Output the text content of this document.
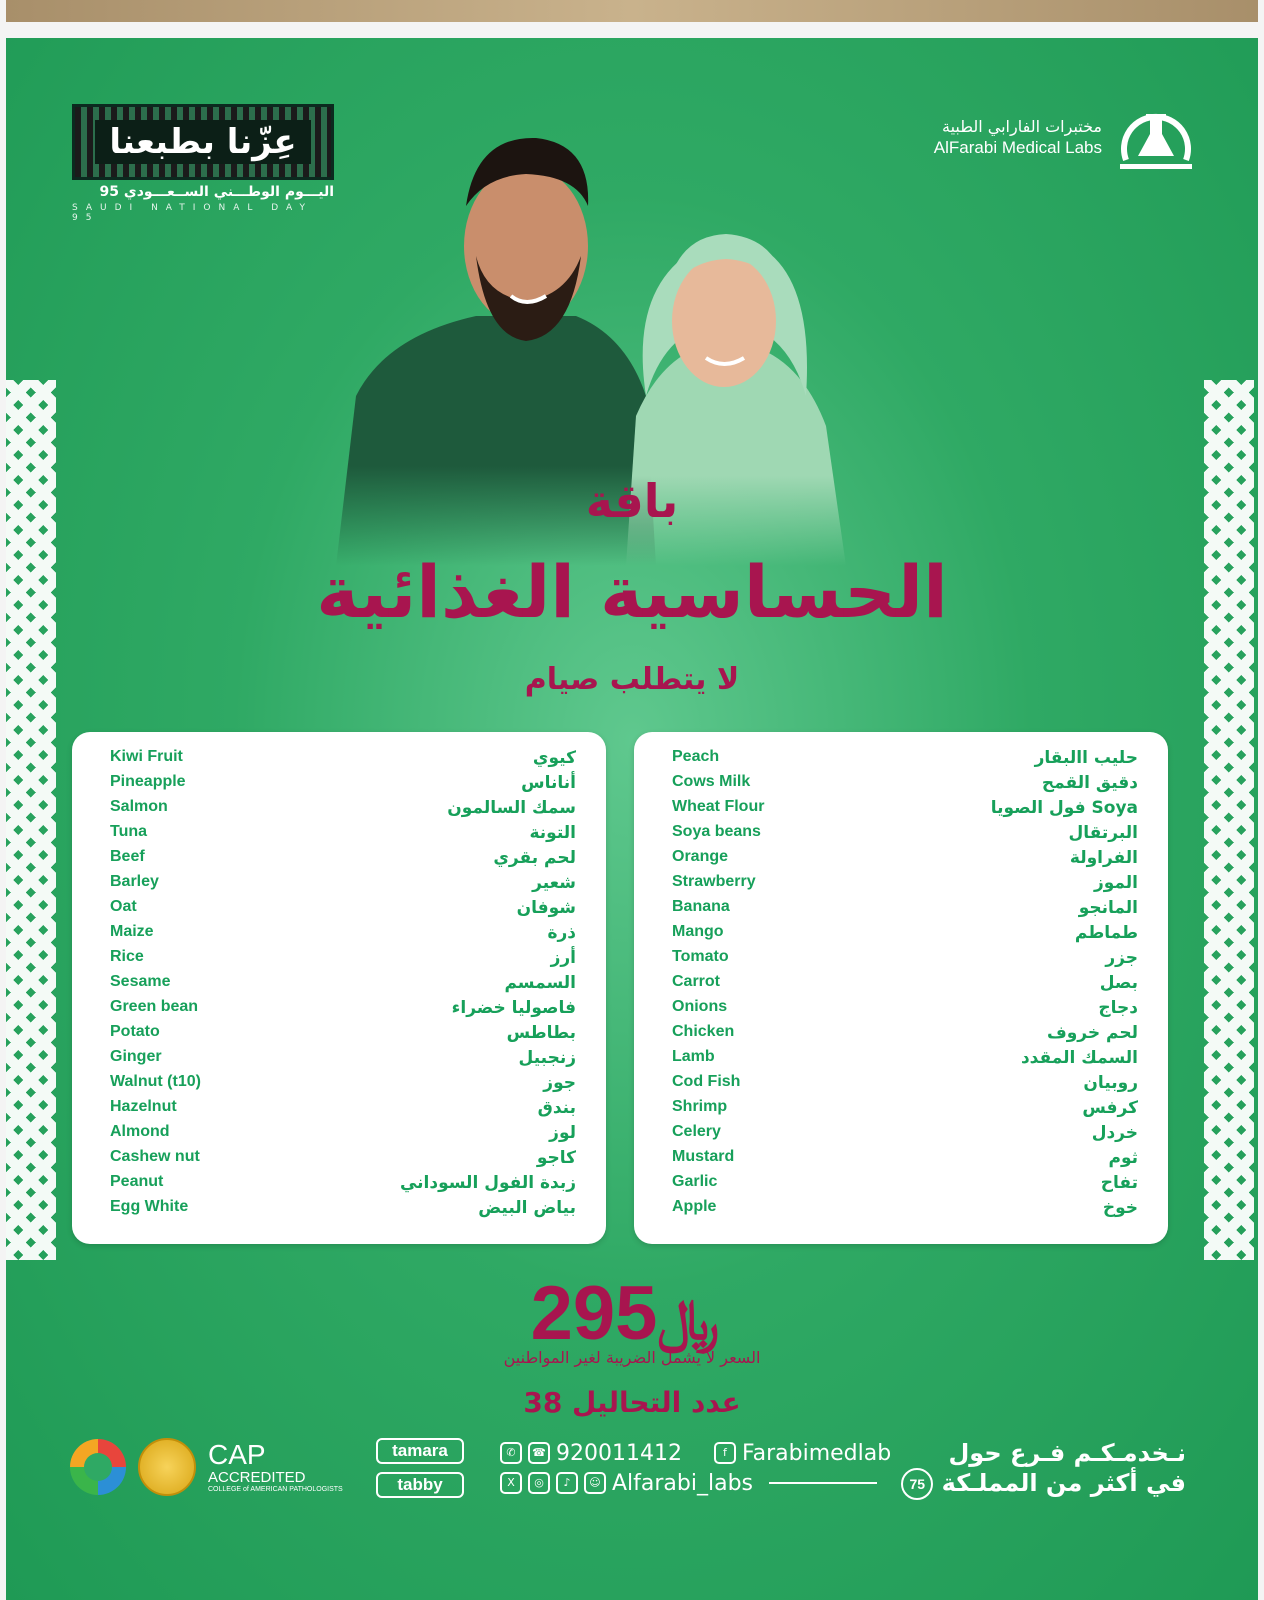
عِزّنا بطبعنا
اليـــوم الوطـــني الســعـــودي 95
SAUDI NATIONAL DAY 95
مختبرات الفارابي الطبية
AlFarabi Medical Labs
باقة
الحساسية الغذائية
لا يتطلب صيام
Kiwi Fruit	كيوي
Pineapple	أناناس
Salmon	سمك السالمون
Tuna	التونة
Beef	لحم بقري
Barley	شعير
Oat	شوفان
Maize	ذرة
Rice	أرز
Sesame	السمسم
Green bean	فاصوليا خضراء
Potato	بطاطس
Ginger	زنجبيل
Walnut (t10)	جوز
Hazelnut	بندق
Almond	لوز
Cashew nut	كاجو
Peanut	زبدة الفول السوداني
Egg White	بياض البيض
Peach	حليب االبقار
Cows Milk	دقيق القمح
Wheat Flour	Soya فول الصويا
Soya beans	البرتقال
Orange	الفراولة
Strawberry	الموز
Banana	المانجو
Mango	طماطم
Tomato	جزر
Carrot	بصل
Onions	دجاج
Chicken	لحم خروف
Lamb	السمك المقدد
Cod Fish	روبيان
Shrimp	كرفس
Celery	خردل
Mustard	ثوم
Garlic	تفاح
Apple	خوخ
﷼295
السعر لا يشمل الضريبة لغير المواطنين
عدد التحاليل 38
CAP
ACCREDITED
COLLEGE of AMERICAN PATHOLOGISTS
tamara
tabby
✆	☎ 920011412	f Farabimedlab
X	◎	♪	☺ Alfarabi_labs
نـخدمـكـم فـرع حول
75 في أكثر من المملـكة
